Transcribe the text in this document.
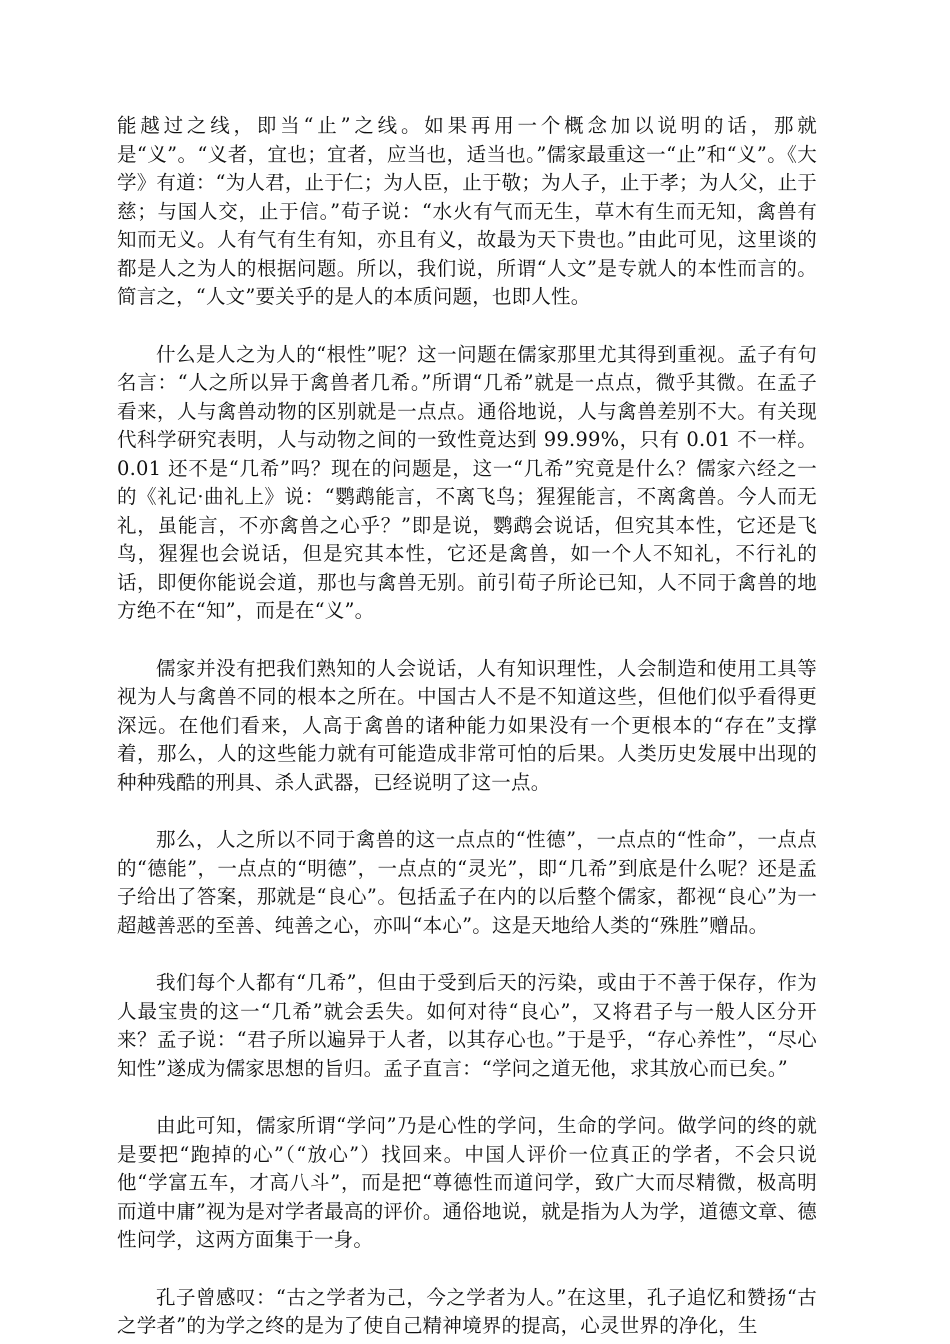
能越过之线，即当“止”之线。如果再用一个概念加以说明的话，那就是“义”。“义者，宜也；宜者，应当也，适当也。”儒家最重这一“止”和“义”。《大学》有道：“为人君，止于仁；为人臣，止于敬；为人子，止于孝；为人父，止于慈；与国人交，止于信。”荀子说：“水火有气而无生，草木有生而无知，禽兽有知而无义。人有气有生有知，亦且有义，故最为天下贵也。”由此可见，这里谈的都是人之为人的根据问题。所以，我们说，所谓“人文”是专就人的本性而言的。简言之，“人文”要关乎的是人的本质问题，也即人性。

什么是人之为人的“根性”呢？这一问题在儒家那里尤其得到重视。孟子有句名言：“人之所以异于禽兽者几希。”所谓“几希”就是一点点，微乎其微。在孟子看来，人与禽兽动物的区别就是一点点。通俗地说，人与禽兽差别不大。有关现代科学研究表明，人与动物之间的一致性竟达到 99.99%，只有 0.01 不一样。0.01 还不是“几希”吗？现在的问题是，这一“几希”究竟是什么？儒家六经之一的《礼记·曲礼上》说：“鹦鹉能言，不离飞鸟；猩猩能言，不离禽兽。今人而无礼，虽能言，不亦禽兽之心乎？”即是说，鹦鹉会说话，但究其本性，它还是飞鸟，猩猩也会说话，但是究其本性，它还是禽兽，如一个人不知礼，不行礼的话，即便你能说会道，那也与禽兽无别。前引荀子所论已知，人不同于禽兽的地方绝不在“知”，而是在“义”。

儒家并没有把我们熟知的人会说话，人有知识理性，人会制造和使用工具等视为人与禽兽不同的根本之所在。中国古人不是不知道这些，但他们似乎看得更深远。在他们看来，人高于禽兽的诸种能力如果没有一个更根本的“存在”支撑着，那么，人的这些能力就有可能造成非常可怕的后果。人类历史发展中出现的种种残酷的刑具、杀人武器，已经说明了这一点。

那么，人之所以不同于禽兽的这一点点的“性德”，一点点的“性命”，一点点的“德能”，一点点的“明德”，一点点的“灵光”，即“几希”到底是什么呢？还是孟子给出了答案，那就是“良心”。包括孟子在内的以后整个儒家，都视“良心”为一超越善恶的至善、纯善之心，亦叫“本心”。这是天地给人类的“殊胜”赠品。

我们每个人都有“几希”，但由于受到后天的污染，或由于不善于保存，作为人最宝贵的这一“几希”就会丢失。如何对待“良心”，又将君子与一般人区分开来？孟子说：“君子所以遍异于人者，以其存心也。”于是乎，“存心养性”，“尽心知性”遂成为儒家思想的旨归。孟子直言：“学问之道无他，求其放心而已矣。”

由此可知，儒家所谓“学问”乃是心性的学问，生命的学问。做学问的终的就是要把“跑掉的心”（“放心”）找回来。中国人评价一位真正的学者，不会只说他“学富五车，才高八斗”，而是把“尊德性而道问学，致广大而尽精微，极高明而道中庸”视为是对学者最高的评价。通俗地说，就是指为人为学，道德文章、德性问学，这两方面集于一身。

孔子曾感叹：“古之学者为己，今之学者为人。”在这里，孔子追忆和赞扬“古之学者”的为学之终的是为了使自己精神境界的提高，心灵世界的净化，生
